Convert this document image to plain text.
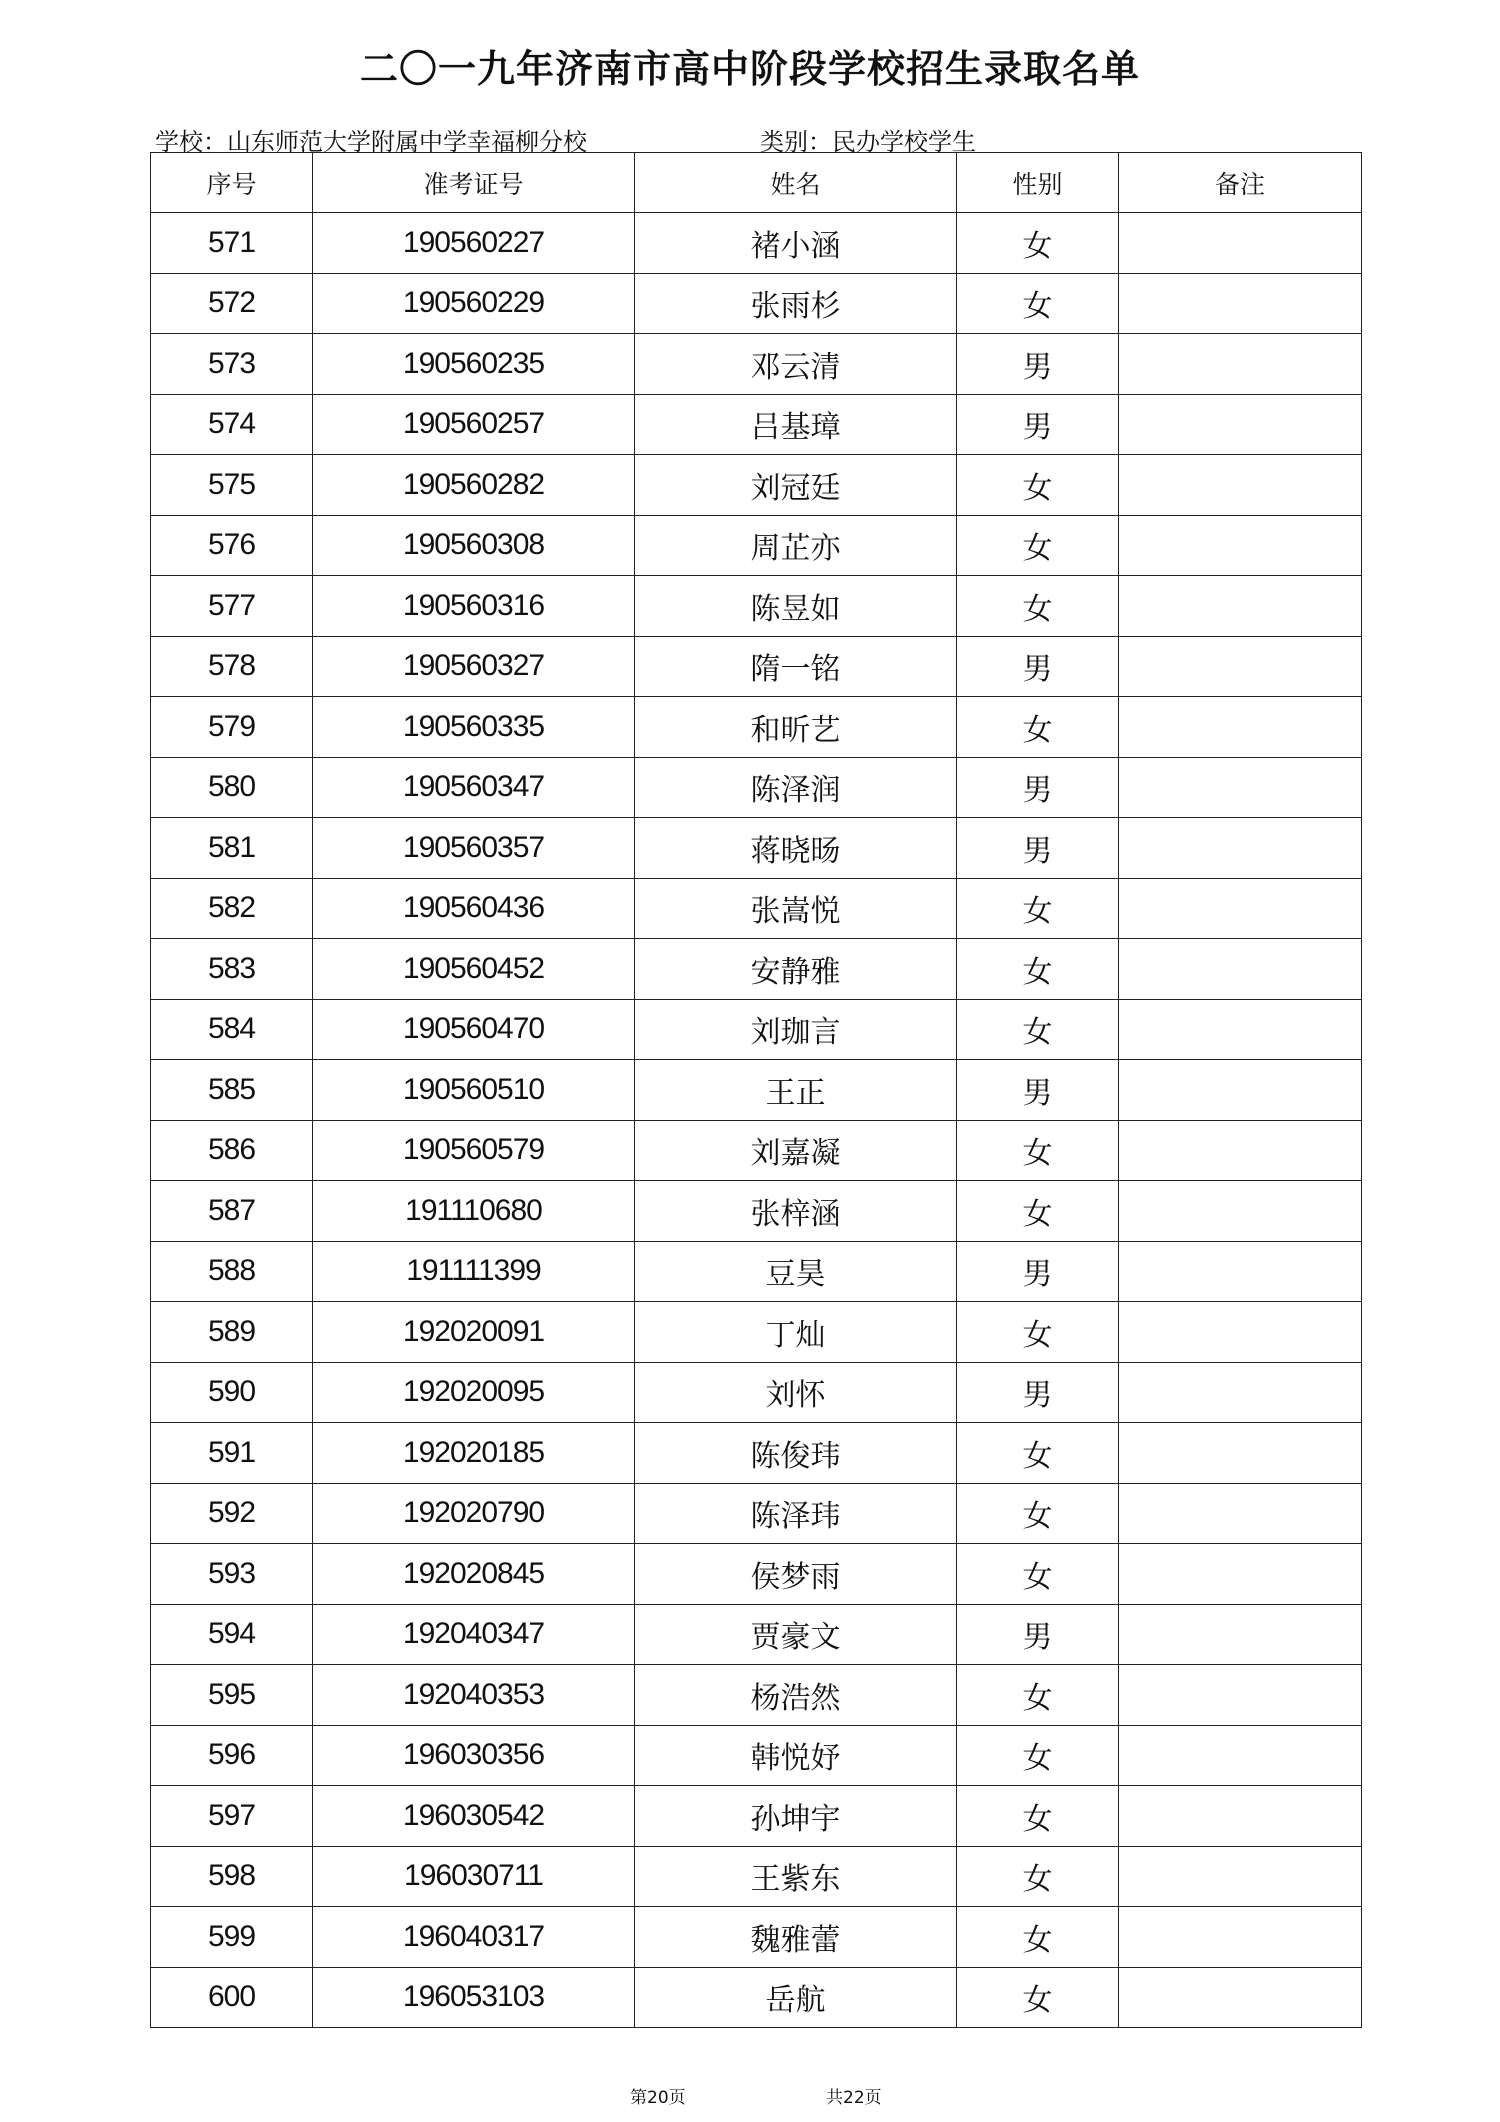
二〇一九年济南市高中阶段学校招生录取名单
学校：山东师范大学附属中学幸福柳分校	类别：民办学校学生
序号	准考证号	姓名	性别	备注
571	190560227	褚小涵	女	
572	190560229	张雨杉	女	
573	190560235	邓云清	男	
574	190560257	吕基璋	男	
575	190560282	刘冠廷	女	
576	190560308	周芷亦	女	
577	190560316	陈昱如	女	
578	190560327	隋一铭	男	
579	190560335	和昕艺	女	
580	190560347	陈泽润	男	
581	190560357	蒋晓旸	男	
582	190560436	张嵩悦	女	
583	190560452	安静雅	女	
584	190560470	刘珈言	女	
585	190560510	王正	男	
586	190560579	刘嘉凝	女	
587	191110680	张梓涵	女	
588	191111399	豆昊	男	
589	192020091	丁灿	女	
590	192020095	刘怀	男	
591	192020185	陈俊玮	女	
592	192020790	陈泽玮	女	
593	192020845	侯梦雨	女	
594	192040347	贾豪文	男	
595	192040353	杨浩然	女	
596	196030356	韩悦妤	女	
597	196030542	孙坤宇	女	
598	196030711	王紫东	女	
599	196040317	魏雅蕾	女	
600	196053103	岳航	女	
第20页	共22页
